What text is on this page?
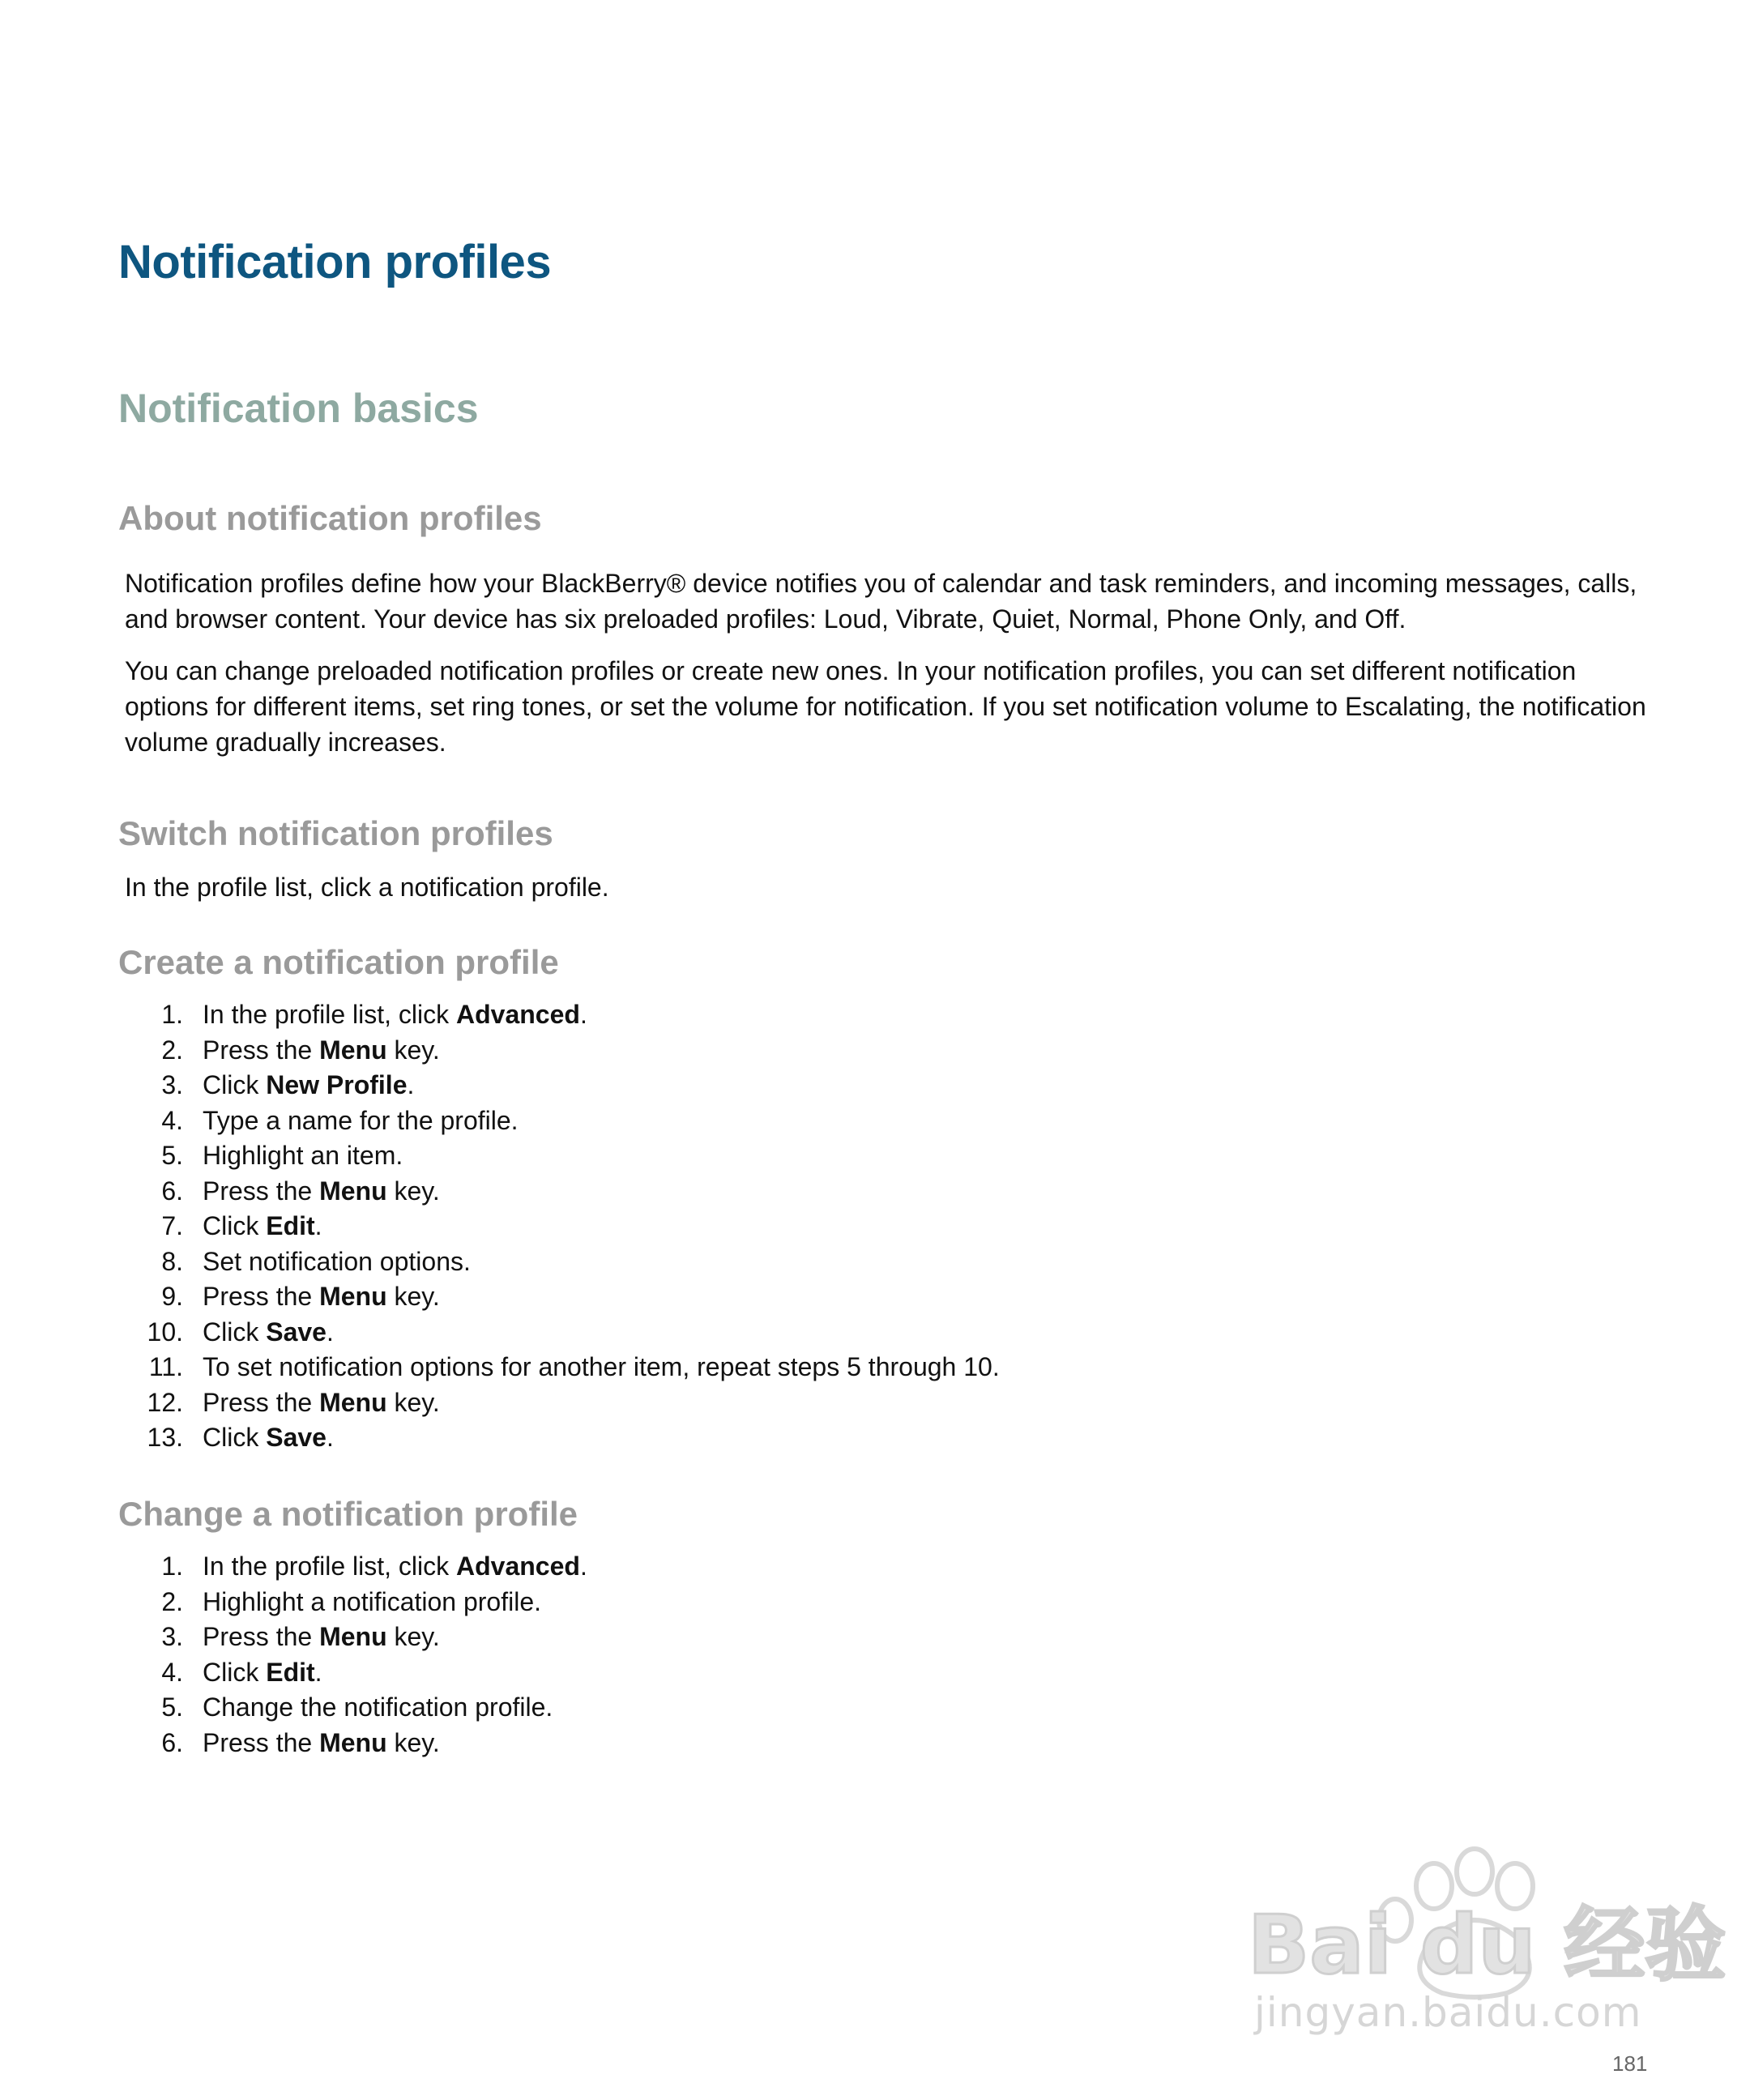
Notification profiles
Notification basics
About notification profiles

Notification profiles define how your BlackBerry® device notifies you of calendar and task reminders, and incoming messages, calls, and browser content. Your device has six preloaded profiles: Loud, Vibrate, Quiet, Normal, Phone Only, and Off.

You can change preloaded notification profiles or create new ones. In your notification profiles, you can set different notification options for different items, set ring tones, or set the volume for notification. If you set notification volume to Escalating, the notification volume gradually increases.

Switch notification profiles

In the profile list, click a notification profile.

Create a notification profile
1. In the profile list, click Advanced.
2. Press the Menu key.
3. Click New Profile.
4. Type a name for the profile.
5. Highlight an item.
6. Press the Menu key.
7. Click Edit.
8. Set notification options.
9. Press the Menu key.
10. Click Save.
11. To set notification options for another item, repeat steps 5 through 10.
12. Press the Menu key.
13. Click Save.
Change a notification profile
1. In the profile list, click Advanced.
2. Highlight a notification profile.
3. Press the Menu key.
4. Click Edit.
5. Change the notification profile.
6. Press the Menu key.
Bai du 经验
jingyan.baidu.com
181
